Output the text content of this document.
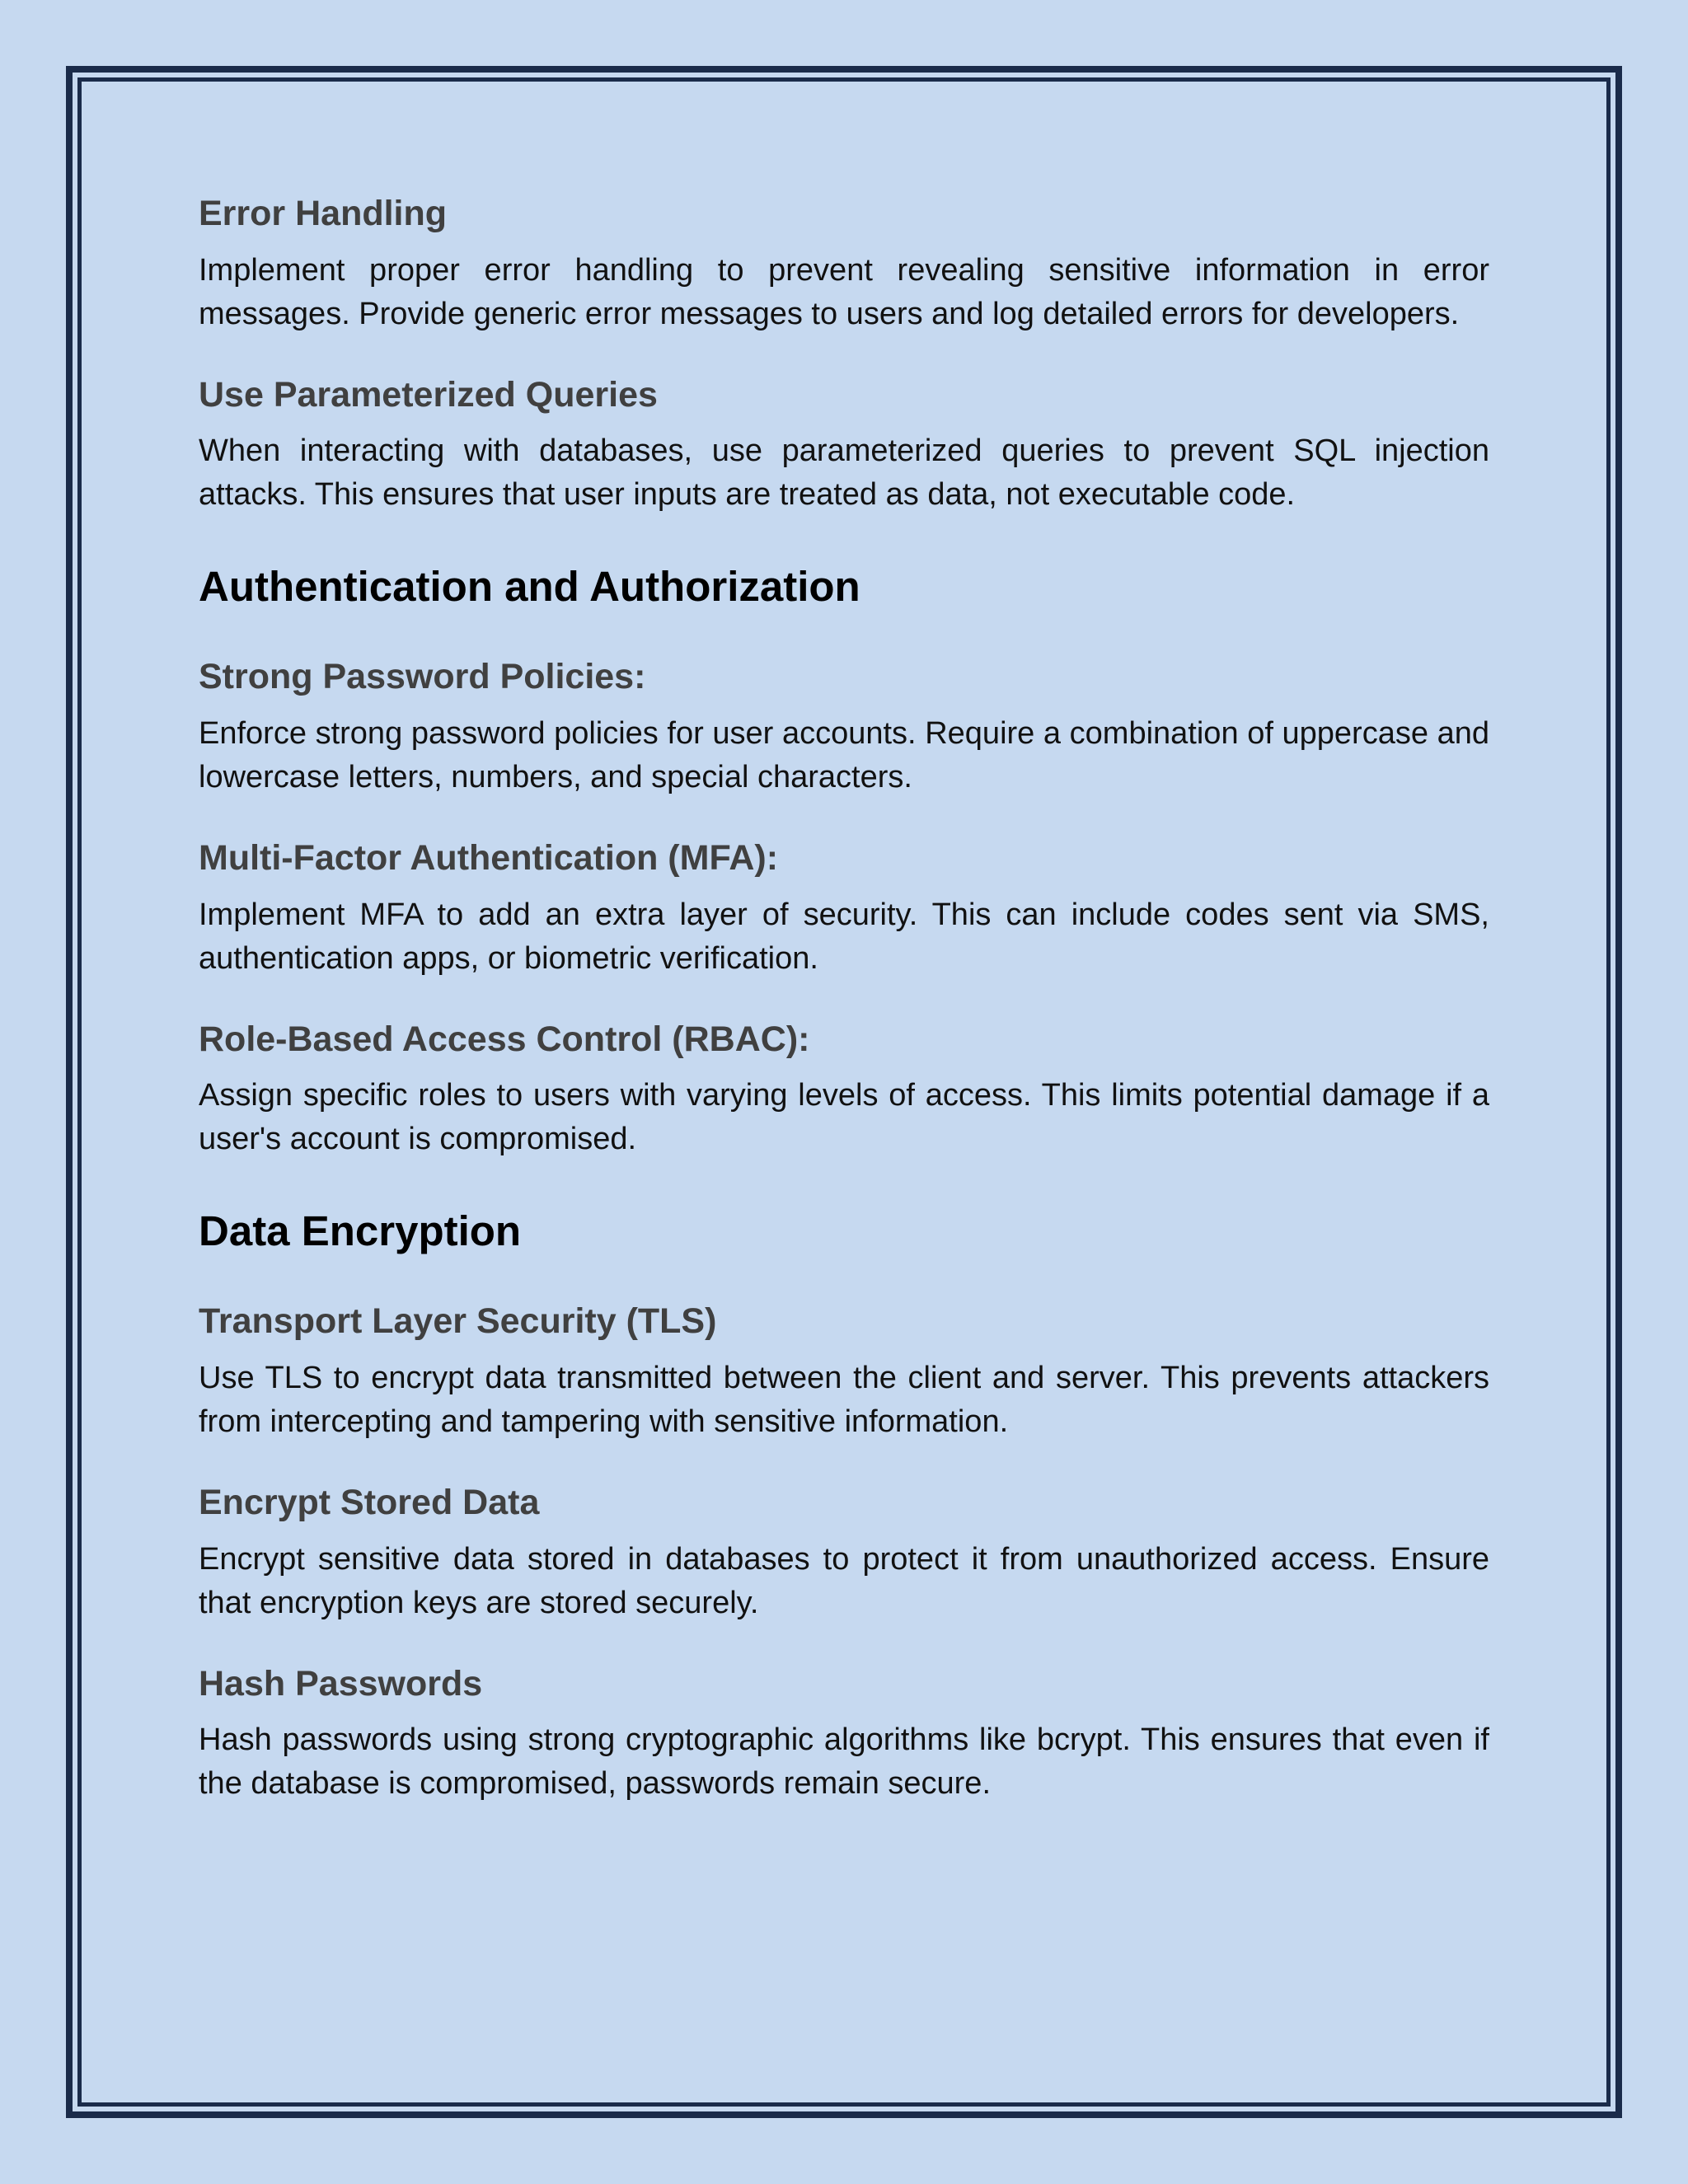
Error Handling

Implement proper error handling to prevent revealing sensitive information in error messages. Provide generic error messages to users and log detailed errors for developers.

Use Parameterized Queries

When interacting with databases, use parameterized queries to prevent SQL injection attacks. This ensures that user inputs are treated as data, not executable code.

Authentication and Authorization
Strong Password Policies:

Enforce strong password policies for user accounts. Require a combination of uppercase and lowercase letters, numbers, and special characters.

Multi-Factor Authentication (MFA):

Implement MFA to add an extra layer of security. This can include codes sent via SMS, authentication apps, or biometric verification.

Role-Based Access Control (RBAC):

Assign specific roles to users with varying levels of access. This limits potential damage if a user's account is compromised.

Data Encryption
Transport Layer Security (TLS)

Use TLS to encrypt data transmitted between the client and server. This prevents attackers from intercepting and tampering with sensitive information.

Encrypt Stored Data

Encrypt sensitive data stored in databases to protect it from unauthorized access. Ensure that encryption keys are stored securely.

Hash Passwords

Hash passwords using strong cryptographic algorithms like bcrypt. This ensures that even if the database is compromised, passwords remain secure.
